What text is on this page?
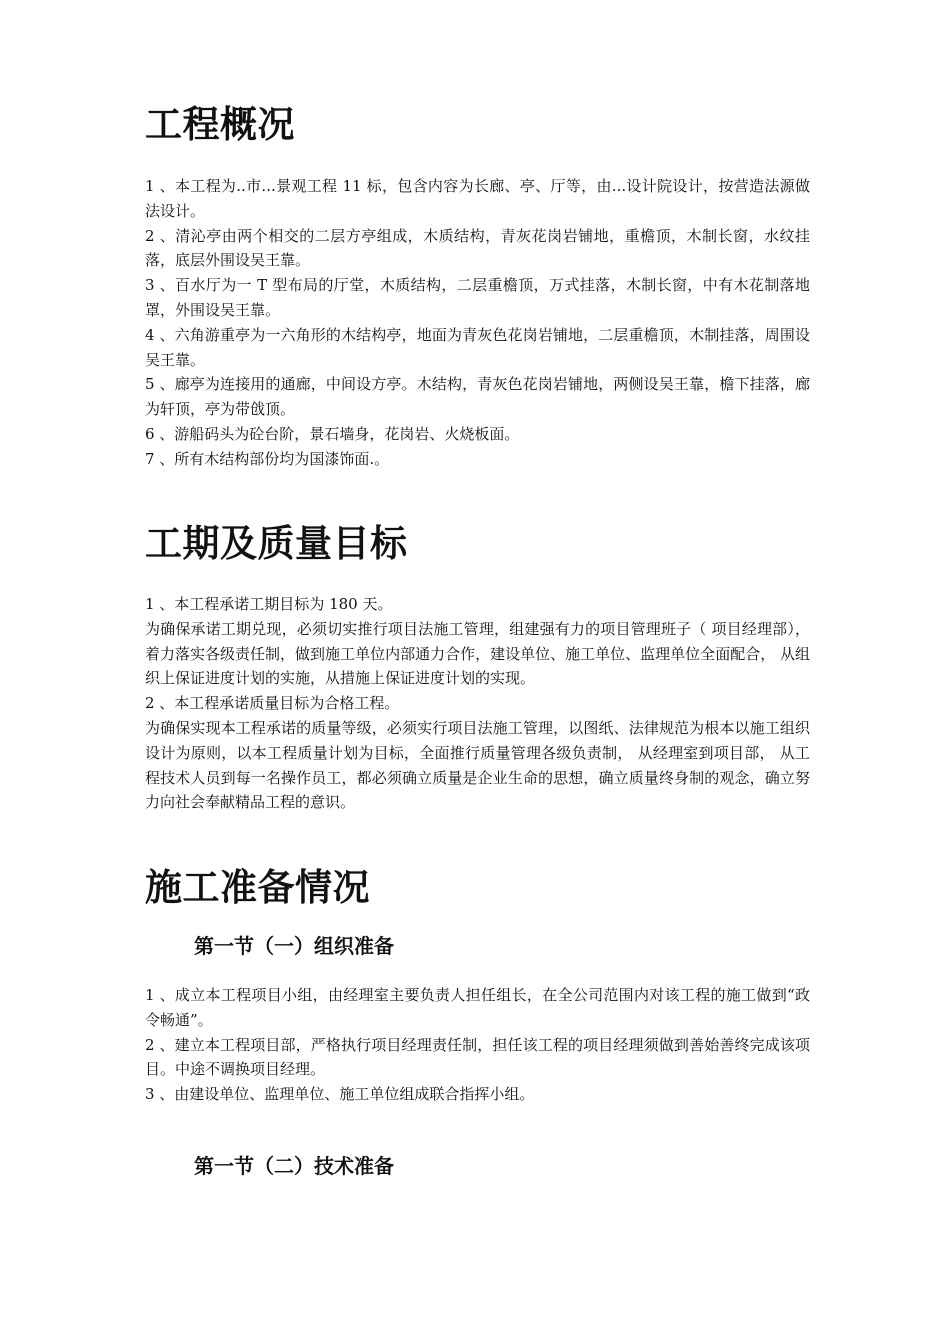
工程概况

1 、本工程为..市...景观工程 11 标，包含内容为长廊、亭、厅等，由...设计院设计，按营造法源做法设计。

2 、清沁亭由两个相交的二层方亭组成，木质结构，青灰花岗岩铺地，重檐顶，木制长窗，水纹挂落，底层外围设吴王靠。

3 、百水厅为一 T 型布局的厅堂，木质结构，二层重檐顶，万式挂落，木制长窗，中有木花制落地罩，外围设吴王靠。

4 、六角游重亭为一六角形的木结构亭，地面为青灰色花岗岩铺地，二层重檐顶，木制挂落，周围设吴王靠。

5 、廊亭为连接用的通廊，中间设方亭。木结构，青灰色花岗岩铺地，两侧设吴王靠，檐下挂落，廊为轩顶，亭为带戗顶。

6 、游船码头为砼台阶，景石墙身，花岗岩、火烧板面。

7 、所有木结构部份均为国漆饰面.。

工期及质量目标

1 、本工程承诺工期目标为 180 天。

为确保承诺工期兑现，必须切实推行项目法施工管理，组建强有力的项目管理班子（ 项目经理部），着力落实各级责任制，做到施工单位内部通力合作，建设单位、施工单位、监理单位全面配合， 从组织上保证进度计划的实施，从措施上保证进度计划的实现。

2 、本工程承诺质量目标为合格工程。

为确保实现本工程承诺的质量等级，必须实行项目法施工管理，以图纸、法律规范为根本以施工组织设计为原则，以本工程质量计划为目标，全面推行质量管理各级负责制， 从经理室到项目部， 从工程技术人员到每一名操作员工，都必须确立质量是企业生命的思想，确立质量终身制的观念，确立努力向社会奉献精品工程的意识。

施工准备情况
第一节（一）组织准备

1 、成立本工程项目小组，由经理室主要负责人担任组长，在全公司范围内对该工程的施工做到“政令畅通”。

2 、建立本工程项目部，严格执行项目经理责任制，担任该工程的项目经理须做到善始善终完成该项目。中途不调换项目经理。

3 、由建设单位、监理单位、施工单位组成联合指挥小组。

第一节（二）技术准备
